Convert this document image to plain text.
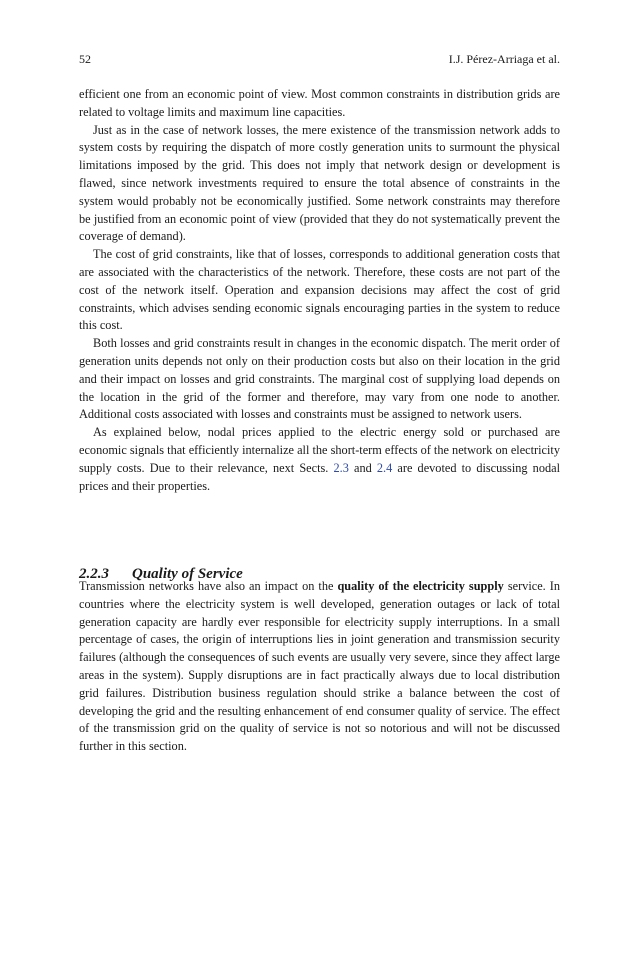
52	I.J. Pérez-Arriaga et al.

efficient one from an economic point of view. Most common constraints in distribution grids are related to voltage limits and maximum line capacities.

Just as in the case of network losses, the mere existence of the transmission network adds to system costs by requiring the dispatch of more costly generation units to surmount the physical limitations imposed by the grid. This does not imply that network design or development is flawed, since network investments required to ensure the total absence of constraints in the system would probably not be economically justified. Some network constraints may therefore be justified from an economic point of view (provided that they do not systematically prevent the coverage of demand).

The cost of grid constraints, like that of losses, corresponds to additional generation costs that are associated with the characteristics of the network. Therefore, these costs are not part of the cost of the network itself. Operation and expansion decisions may affect the cost of grid constraints, which advises sending economic signals encouraging parties in the system to reduce this cost.

Both losses and grid constraints result in changes in the economic dispatch. The merit order of generation units depends not only on their production costs but also on their location in the grid and their impact on losses and grid constraints. The marginal cost of supplying load depends on the location in the grid of the former and therefore, may vary from one node to another. Additional costs associated with losses and constraints must be assigned to network users.

As explained below, nodal prices applied to the electric energy sold or purchased are economic signals that efficiently internalize all the short-term effects of the network on electricity supply costs. Due to their relevance, next Sects. 2.3 and 2.4 are devoted to discussing nodal prices and their properties.

2.2.3 Quality of Service

Transmission networks have also an impact on the quality of the electricity supply service. In countries where the electricity system is well developed, generation outages or lack of total generation capacity are hardly ever responsible for electricity supply interruptions. In a small percentage of cases, the origin of interruptions lies in joint generation and transmission security failures (although the consequences of such events are usually very severe, since they affect large areas in the system). Supply disruptions are in fact practically always due to local distribution grid failures. Distribution business regulation should strike a balance between the cost of developing the grid and the resulting enhancement of end consumer quality of service. The effect of the transmission grid on the quality of service is not so notorious and will not be discussed further in this section.
